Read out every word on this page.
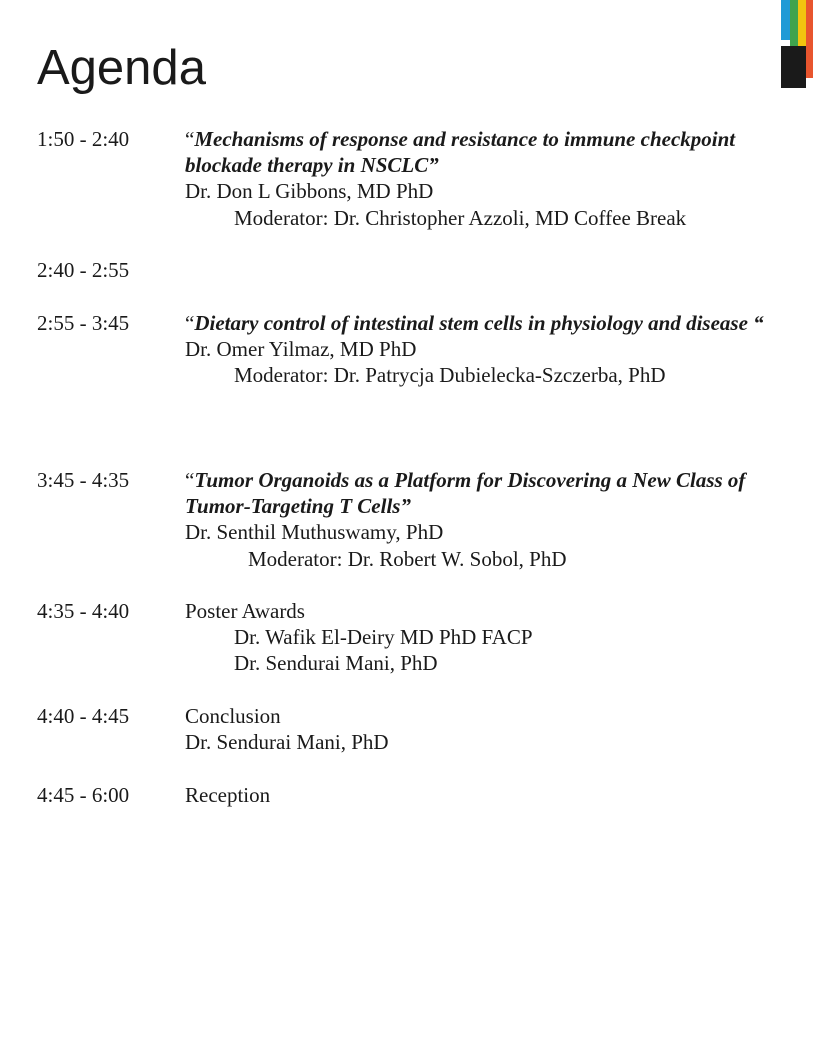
Agenda
1:50 - 2:40	“Mechanisms of response and resistance to immune checkpoint blockade therapy in NSCLC”
Dr. Don L Gibbons, MD PhD
Moderator: Dr. Christopher Azzoli, MD Coffee Break
2:40 - 2:55
2:55 - 3:45	“Dietary control of intestinal stem cells in physiology and disease “
Dr. Omer Yilmaz, MD PhD
Moderator: Dr. Patrycja Dubielecka-Szczerba, PhD
3:45 - 4:35	“Tumor Organoids as a Platform for Discovering a New Class of Tumor-Targeting T Cells”
Dr. Senthil Muthuswamy, PhD
Moderator: Dr. Robert W. Sobol, PhD
4:35 - 4:40	Poster Awards
Dr. Wafik El-Deiry MD PhD FACP
Dr. Sendurai Mani, PhD
4:40 - 4:45	Conclusion
Dr. Sendurai Mani, PhD
4:45 - 6:00	Reception
